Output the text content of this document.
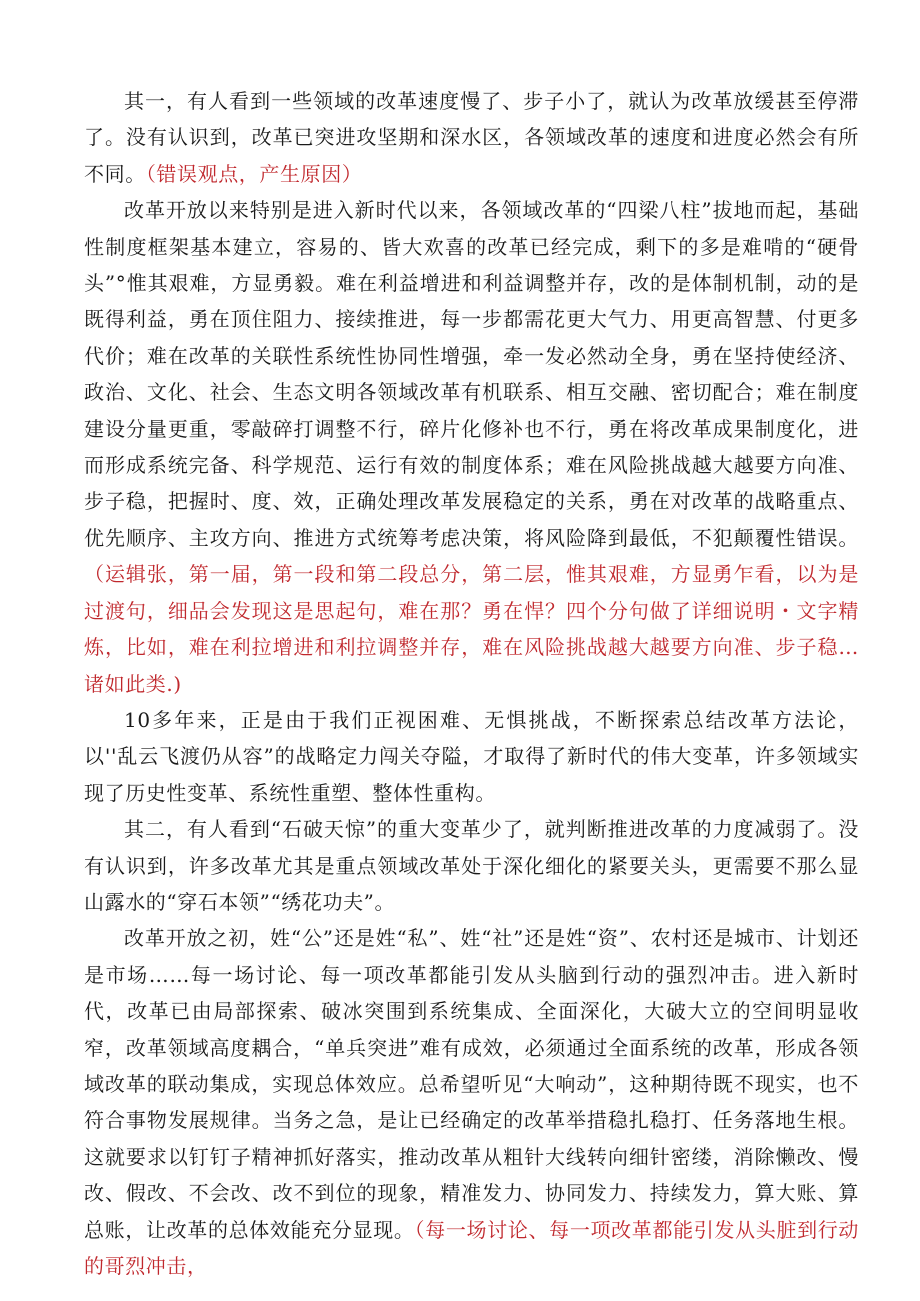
其一，有人看到一些领域的改革速度慢了、步子小了，就认为改革放缓甚至停滞了。没有认识到，改革已突进攻坚期和深水区，各领域改革的速度和进度必然会有所不同。（错误观点，产生原因）

改革开放以来特别是进入新时代以来，各领域改革的“四梁八柱”拔地而起，基础性制度框架基本建立，容易的、皆大欢喜的改革已经完成，剩下的多是难啃的“硬骨头”°惟其艰难，方显勇毅。难在利益增进和利益调整并存，改的是体制机制，动的是既得利益，勇在顶住阻力、接续推进，每一步都需花更大气力、用更高智慧、付更多代价；难在改革的关联性系统性协同性增强，牵一发必然动全身，勇在坚持使经济、政治、文化、社会、生态文明各领域改革有机联系、相互交融、密切配合；难在制度建设分量更重，零敲碎打调整不行，碎片化修补也不行，勇在将改革成果制度化，进而形成系统完备、科学规范、运行有效的制度体系；难在风险挑战越大越要方向准、步子稳，把握时、度、效，正确处理改革发展稳定的关系，勇在对改革的战略重点、优先顺序、主攻方向、推进方式统筹考虑决策，将风险降到最低，不犯颠覆性错误。（运辑张，第一届，第一段和第二段总分，第二层，惟其艰难，方显勇乍看，以为是过渡句，细品会发现这是思起句，难在那？勇在悍？四个分句做了详细说明・文字精炼，比如，难在利拉增进和利拉调整并存，难在风险挑战越大越要方向准、步子稳…诸如此类.)

10多年来，正是由于我们正视困难、无惧挑战，不断探索总结改革方法论，以''乱云飞渡仍从容”的战略定力闯关夺隘，才取得了新时代的伟大变革，许多领域实现了历史性变革、系统性重塑、整体性重构。

其二，有人看到“石破天惊”的重大变革少了，就判断推进改革的力度减弱了。没有认识到，许多改革尤其是重点领域改革处于深化细化的紧要关头，更需要不那么显山露水的“穿石本领”“绣花功夫”。

改革开放之初，姓“公”还是姓“私”、姓“社”还是姓“资”、农村还是城市、计划还是市场……每一场讨论、每一项改革都能引发从头脑到行动的强烈冲击。进入新时代，改革已由局部探索、破冰突围到系统集成、全面深化，大破大立的空间明显收窄，改革领域高度耦合，“单兵突进”难有成效，必须通过全面系统的改革，形成各领域改革的联动集成，实现总体效应。总希望听见“大响动”，这种期待既不现实，也不符合事物发展规律。当务之急，是让已经确定的改革举措稳扎稳打、任务落地生根。这就要求以钉钉子精神抓好落实，推动改革从粗针大线转向细针密缕，消除懒改、慢改、假改、不会改、改不到位的现象，精准发力、协同发力、持续发力，算大账、算总账，让改革的总体效能充分显现。（每一场讨论、每一项改革都能引发从头脏到行动的哥烈冲击，
